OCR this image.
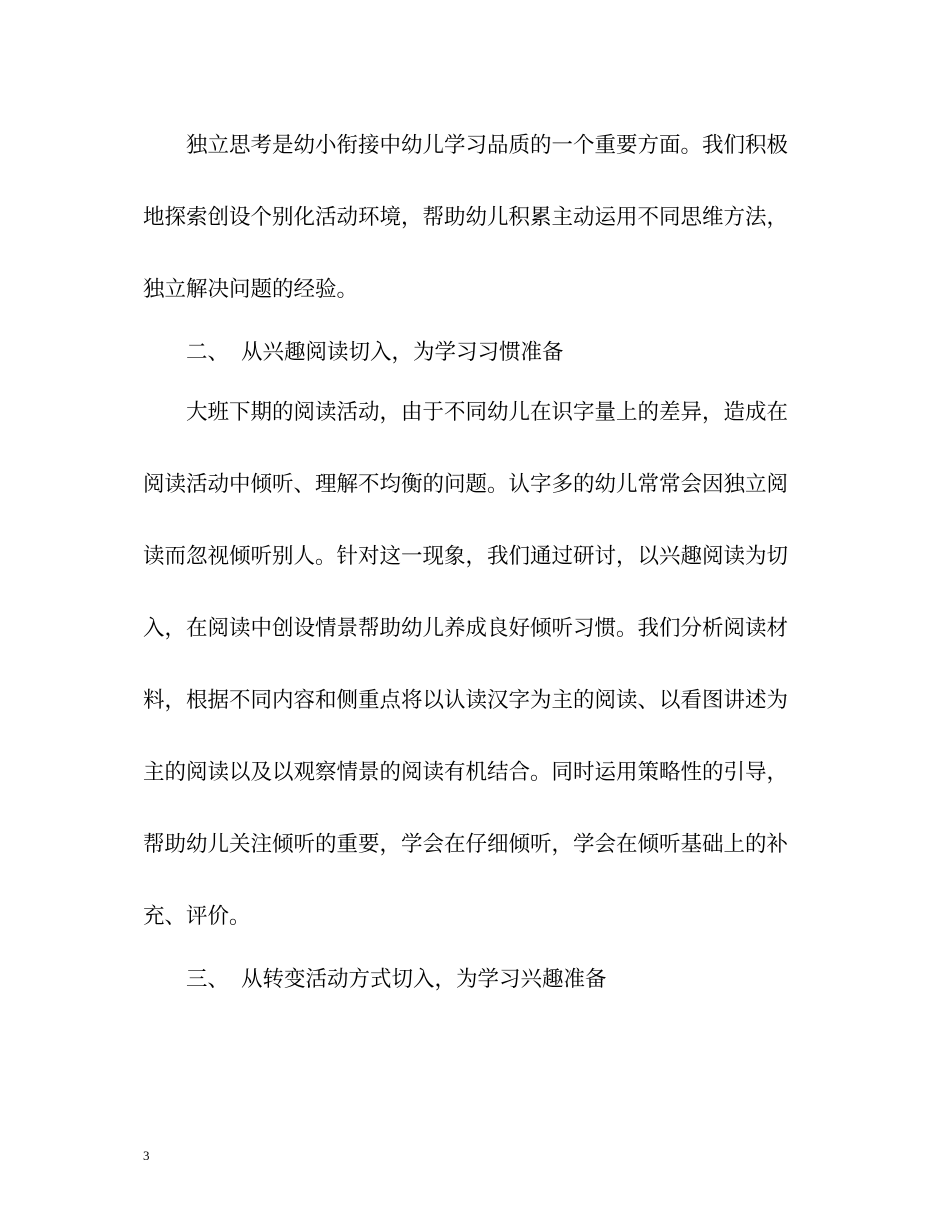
独立思考是幼小衔接中幼儿学习品质的一个重要方面。我们积极
地探索创设个别化活动环境，帮助幼儿积累主动运用不同思维方法，
独立解决问题的经验。
二、 从兴趣阅读切入，为学习习惯准备
大班下期的阅读活动，由于不同幼儿在识字量上的差异，造成在
阅读活动中倾听、理解不均衡的问题。认字多的幼儿常常会因独立阅
读而忽视倾听别人。针对这一现象，我们通过研讨，以兴趣阅读为切
入，在阅读中创设情景帮助幼儿养成良好倾听习惯。我们分析阅读材
料，根据不同内容和侧重点将以认读汉字为主的阅读、以看图讲述为
主的阅读以及以观察情景的阅读有机结合。同时运用策略性的引导，
帮助幼儿关注倾听的重要，学会在仔细倾听，学会在倾听基础上的补
充、评价。
三、 从转变活动方式切入，为学习兴趣准备
3
